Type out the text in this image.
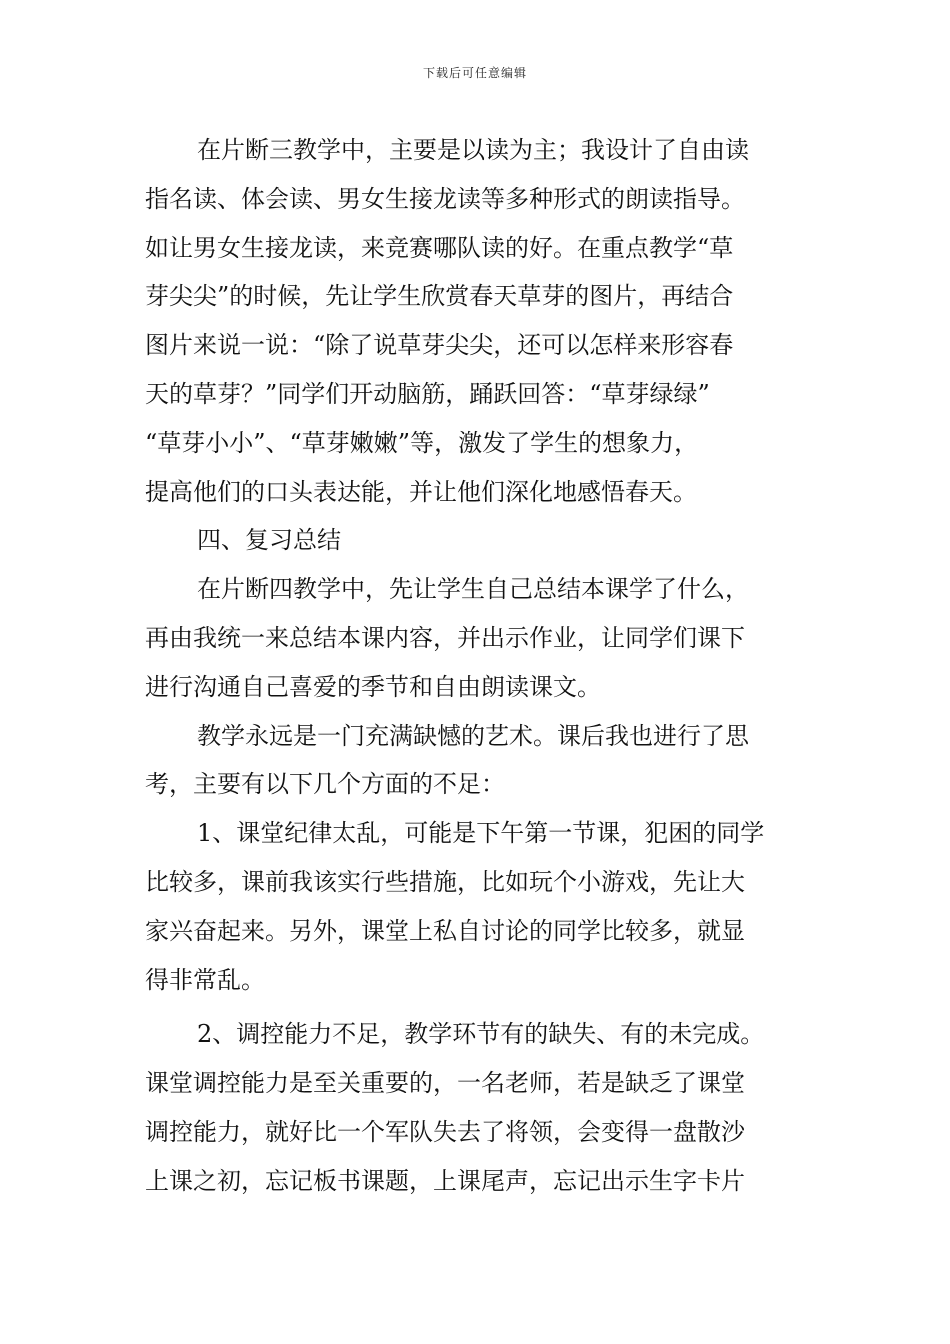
下载后可任意编辑
在片断三教学中，主要是以读为主；我设计了自由读
指名读、体会读、男女生接龙读等多种形式的朗读指导。
如让男女生接龙读，来竞赛哪队读的好。在重点教学“草
芽尖尖”的时候，先让学生欣赏春天草芽的图片，再结合
图片来说一说：“除了说草芽尖尖，还可以怎样来形容春
天的草芽？”同学们开动脑筋，踊跃回答：“草芽绿绿”
“草芽小小”、“草芽嫩嫩”等，激发了学生的想象力，
提高他们的口头表达能，并让他们深化地感悟春天。
四、复习总结
在片断四教学中，先让学生自己总结本课学了什么，
再由我统一来总结本课内容，并出示作业，让同学们课下
进行沟通自己喜爱的季节和自由朗读课文。
教学永远是一门充满缺憾的艺术。课后我也进行了思
考，主要有以下几个方面的不足：
1、课堂纪律太乱，可能是下午第一节课，犯困的同学
比较多，课前我该实行些措施，比如玩个小游戏，先让大
家兴奋起来。另外，课堂上私自讨论的同学比较多，就显
得非常乱。
2、调控能力不足，教学环节有的缺失、有的未完成。
课堂调控能力是至关重要的，一名老师，若是缺乏了课堂
调控能力，就好比一个军队失去了将领，会变得一盘散沙
上课之初，忘记板书课题，上课尾声，忘记出示生字卡片
